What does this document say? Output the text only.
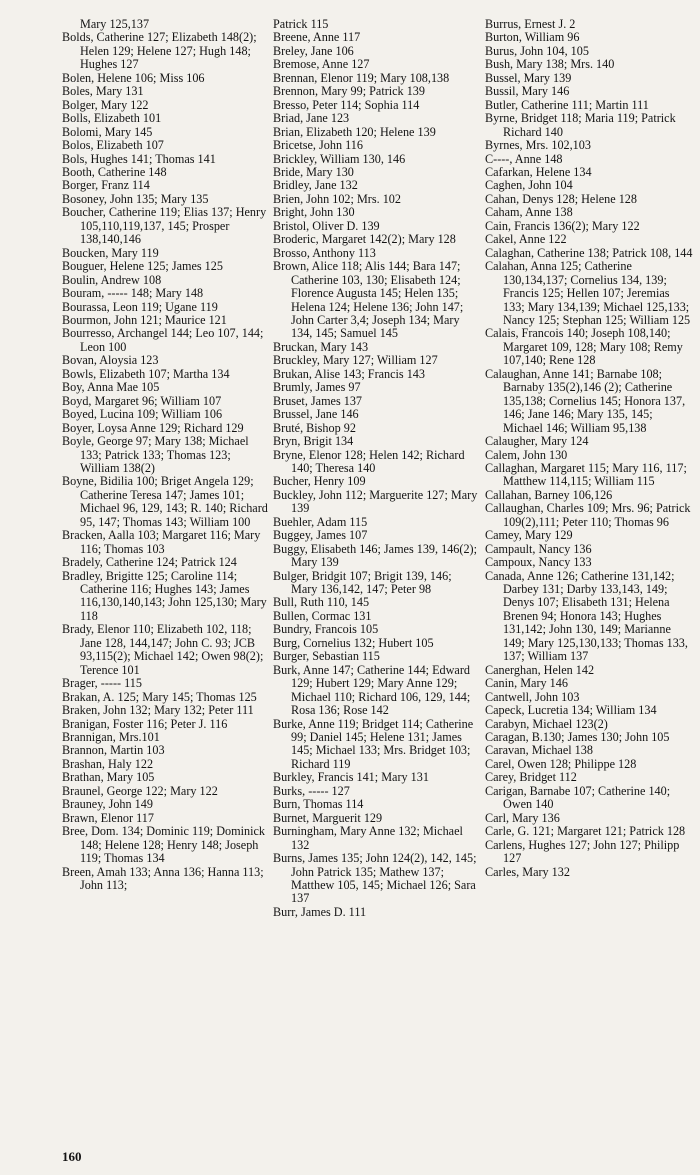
Mary 125,137
Bolds, Catherine 127; Elizabeth 148(2); Helen 129; Helene 127; Hugh 148; Hughes 127
Bolen, Helene 106; Miss 106
Boles, Mary 131
Bolger, Mary 122
Bolls, Elizabeth 101
Bolomi, Mary 145
Bolos, Elizabeth 107
Bols, Hughes 141; Thomas 141
Booth, Catherine 148
Borger, Franz 114
Bosoney, John 135; Mary 135
Boucher, Catherine 119; Elias 137; Henry 105,110,119,137, 145; Prosper 138,140,146
Boucken, Mary 119
Bouguer, Helene 125; James 125
Boulin, Andrew 108
Bouram, ----- 148; Mary 148
Bourassa, Leon 119; Ugane 119
Bourmon, John 121; Maurice 121
Bourresso, Archangel 144; Leo 107, 144; Leon 100
Bovan, Aloysia 123
Bowls, Elizabeth 107; Martha 134
Boy, Anna Mae 105
Boyd, Margaret 96; William 107
Boyed, Lucina 109; William 106
Boyer, Loysa Anne 129; Richard 129
Boyle, George 97; Mary 138; Michael 133; Patrick 133; Thomas 123; William 138(2)
Boyne, Bidilia 100; Briget Angela 129; Catherine Teresa 147; James 101; Michael 96, 129, 143; R. 140; Richard 95, 147; Thomas 143; William 100
Bracken, Aalla 103; Margaret 116; Mary 116; Thomas 103
Bradely, Catherine 124; Patrick 124
Bradley, Brigitte 125; Caroline 114; Catherine 116; Hughes 143; James 116,130,140,143; John 125,130; Mary 118
Brady, Elenor 110; Elizabeth 102, 118; Jane 128, 144,147; John C. 93; JCB 93,115(2); Michael 142; Owen 98(2); Terence 101
Brager, ----- 115
Brakan, A. 125; Mary 145; Thomas 125
Braken, John 132; Mary 132; Peter 111
Branigan, Foster 116; Peter J. 116
Brannigan, Mrs.101
Brannon, Martin 103
Brashan, Haly 122
Brathan, Mary 105
Braunel, George 122; Mary 122
Brauney, John 149
Brawn, Elenor 117
Bree, Dom. 134; Dominic 119; Dominick 148; Helene 128; Henry 148; Joseph 119; Thomas 134
Breen, Amah 133; Anna 136; Hanna 113; John 113;
Patrick 115
Breene, Anne 117
Breley, Jane 106
Bremose, Anne 127
Brennan, Elenor 119; Mary 108,138
Brennon, Mary 99; Patrick 139
Bresso, Peter 114; Sophia 114
Briad, Jane 123
Brian, Elizabeth 120; Helene 139
Bricetse, John 116
Brickley, William 130, 146
Bride, Mary 130
Bridley, Jane 132
Brien, John 102; Mrs. 102
Bright, John 130
Bristol, Oliver D. 139
Broderic, Margaret 142(2); Mary 128
Brosso, Anthony 113
Brown, Alice 118; Alis 144; Bara 147; Catherine 103, 130; Elisabeth 124; Florence Augusta 145; Helen 135; Helena 124; Helene 136; John 147; John Carter 3,4; Joseph 134; Mary 134, 145; Samuel 145
Bruckan, Mary 143
Bruckley, Mary 127; William 127
Brukan, Alise 143; Francis 143
Brumly, James 97
Bruset, James 137
Brussel, Jane 146
Bruté, Bishop 92
Bryn, Brigit 134
Bryne, Elenor 128; Helen 142; Richard 140; Theresa 140
Bucher, Henry 109
Buckley, John 112; Marguerite 127; Mary 139
Buehler, Adam 115
Buggey, James 107
Buggy, Elisabeth 146; James 139, 146(2); Mary 139
Bulger, Bridgit 107; Brigit 139, 146; Mary 136,142, 147; Peter 98
Bull, Ruth 110, 145
Bullen, Cormac 131
Bundry, Francois 105
Burg, Cornelius 132; Hubert 105
Burger, Sebastian 115
Burk, Anne 147; Catherine 144; Edward 129; Hubert 129; Mary Anne 129; Michael 110; Richard 106, 129, 144; Rosa 136; Rose 142
Burke, Anne 119; Bridget 114; Catherine 99; Daniel 145; Helene 131; James 145; Michael 133; Mrs. Bridget 103; Richard 119
Burkley, Francis 141; Mary 131
Burks, ----- 127
Burn, Thomas 114
Burnet, Marguerit 129
Burningham, Mary Anne 132; Michael 132
Burns, James 135; John 124(2), 142, 145; John Patrick 135; Mathew 137; Matthew 105, 145; Michael 126; Sara 137
Burr, James D. 111
Burrus, Ernest J. 2
Burton, William 96
Burus, John 104, 105
Bush, Mary 138; Mrs. 140
Bussel, Mary 139
Bussil, Mary 146
Butler, Catherine 111; Martin 111
Byrne, Bridget 118; Maria 119; Patrick Richard 140
Byrnes, Mrs. 102,103
C----, Anne 148
Cafarkan, Helene 134
Caghen, John 104
Cahan, Denys 128; Helene 128
Caham, Anne 138
Cain, Francis 136(2); Mary 122
Cakel, Anne 122
Calaghan, Catherine 138; Patrick 108, 144
Calahan, Anna 125; Catherine 130,134,137; Cornelius 134, 139; Francis 125; Hellen 107; Jeremias 133; Mary 134,139; Michael 125,133; Nancy 125; Stephan 125; William 125
Calais, Francois 140; Joseph 108,140; Margaret 109, 128; Mary 108; Remy 107,140; Rene 128
Calaughan, Anne 141; Barnabe 108; Barnaby 135(2),146 (2); Catherine 135,138; Cornelius 145; Honora 137, 146; Jane 146; Mary 135, 145; Michael 146; William 95,138
Calaugher, Mary 124
Calem, John 130
Callaghan, Margaret 115; Mary 116, 117; Matthew 114,115; William 115
Callahan, Barney 106,126
Callaughan, Charles 109; Mrs. 96; Patrick 109(2),111; Peter 110; Thomas 96
Camey, Mary 129
Campault, Nancy 136
Campoux, Nancy 133
Canada, Anne 126; Catherine 131,142; Darbey 131; Darby 133,143, 149; Denys 107; Elisabeth 131; Helena Brenen 94; Honora 143; Hughes 131,142; John 130, 149; Marianne 149; Mary 125,130,133; Thomas 133, 137; William 137
Canerghan, Helen 142
Canin, Mary 146
Cantwell, John 103
Capeck, Lucretia 134; William 134
Carabyn, Michael 123(2)
Caragan, B.130; James 130; John 105
Caravan, Michael 138
Carel, Owen 128; Philippe 128
Carey, Bridget 112
Carigan, Barnabe 107; Catherine 140; Owen 140
Carl, Mary 136
Carle, G. 121; Margaret 121; Patrick 128
Carlens, Hughes 127; John 127; Philipp 127
Carles, Mary 132
160
